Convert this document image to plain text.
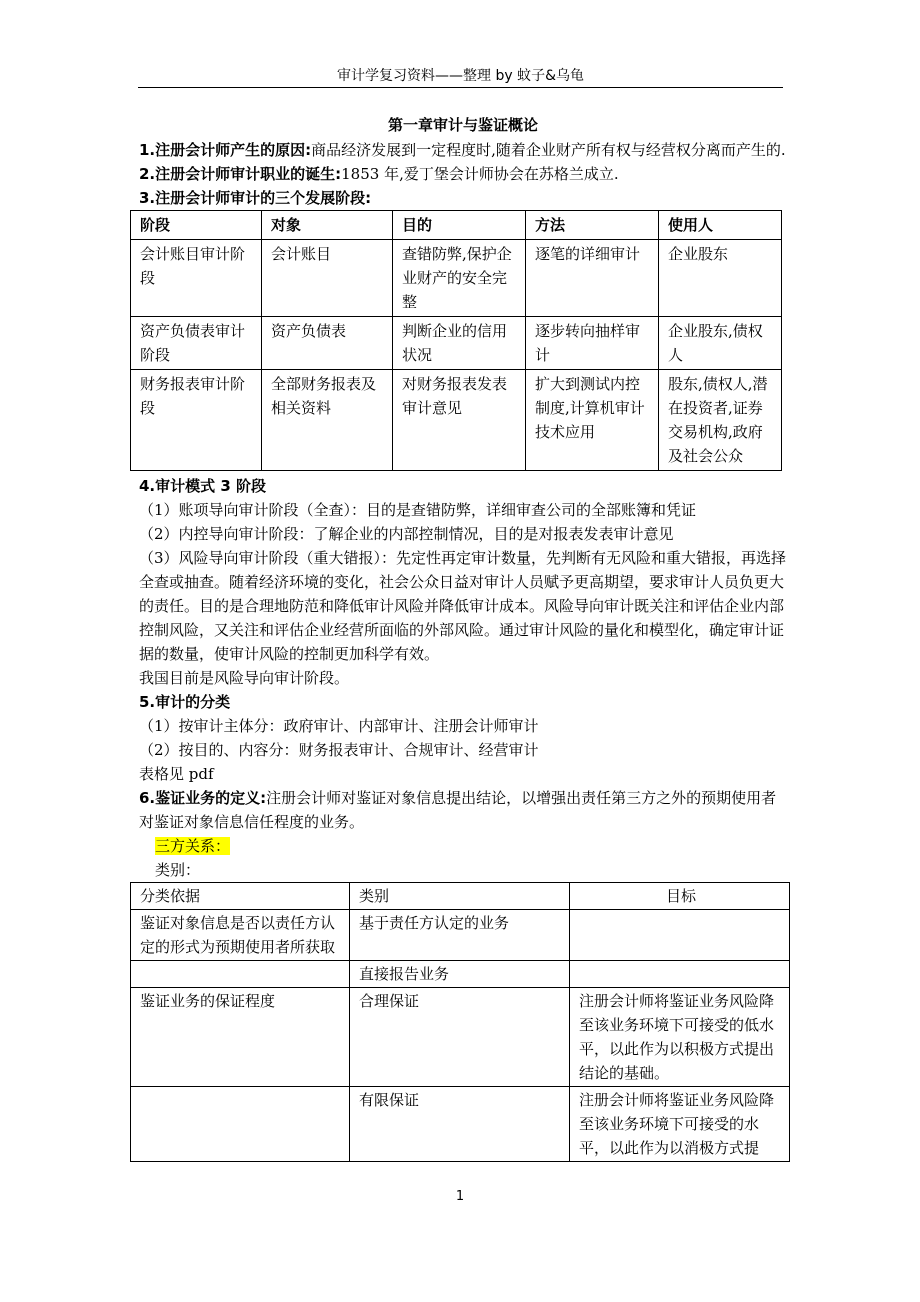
审计学复习资料——整理 by 蚊子&乌龟
第一章审计与鉴证概论

1.注册会计师产生的原因:商品经济发展到一定程度时,随着企业财产所有权与经营权分离而产生的.

2.注册会计师审计职业的诞生:1853 年,爱丁堡会计师协会在苏格兰成立.

3.注册会计师审计的三个发展阶段:

阶段	对象	目的	方法	使用人
会计账目审计阶段	会计账目	查错防弊,保护企业财产的安全完整	逐笔的详细审计	企业股东
资产负债表审计阶段	资产负债表	判断企业的信用状况	逐步转向抽样审计	企业股东,债权人
财务报表审计阶段	全部财务报表及相关资料	对财务报表发表审计意见	扩大到测试内控制度,计算机审计技术应用	股东,债权人,潜在投资者,证券交易机构,政府及社会公众

4.审计模式 3 阶段

（1）账项导向审计阶段（全查）：目的是查错防弊，详细审查公司的全部账簿和凭证

（2）内控导向审计阶段：了解企业的内部控制情况，目的是对报表发表审计意见

（3）风险导向审计阶段（重大错报）：先定性再定审计数量，先判断有无风险和重大错报，再选择全查或抽查。随着经济环境的变化，社会公众日益对审计人员赋予更高期望，要求审计人员负更大的责任。目的是合理地防范和降低审计风险并降低审计成本。风险导向审计既关注和评估企业内部控制风险，又关注和评估企业经营所面临的外部风险。通过审计风险的量化和模型化，确定审计证据的数量，使审计风险的控制更加科学有效。

我国目前是风险导向审计阶段。

5.审计的分类

（1）按审计主体分：政府审计、内部审计、注册会计师审计

（2）按目的、内容分：财务报表审计、合规审计、经营审计

表格见 pdf

6.鉴证业务的定义:注册会计师对鉴证对象信息提出结论，以增强出责任第三方之外的预期使用者对鉴证对象信息信任程度的业务。

三方关系：

类别：

分类依据	类别	目标
鉴证对象信息是否以责任方认定的形式为预期使用者所获取	基于责任方认定的业务	
	直接报告业务	
鉴证业务的保证程度	合理保证	注册会计师将鉴证业务风险降至该业务环境下可接受的低水平，以此作为以积极方式提出结论的基础。
	有限保证	注册会计师将鉴证业务风险降至该业务环境下可接受的水平，以此作为以消极方式提
1
